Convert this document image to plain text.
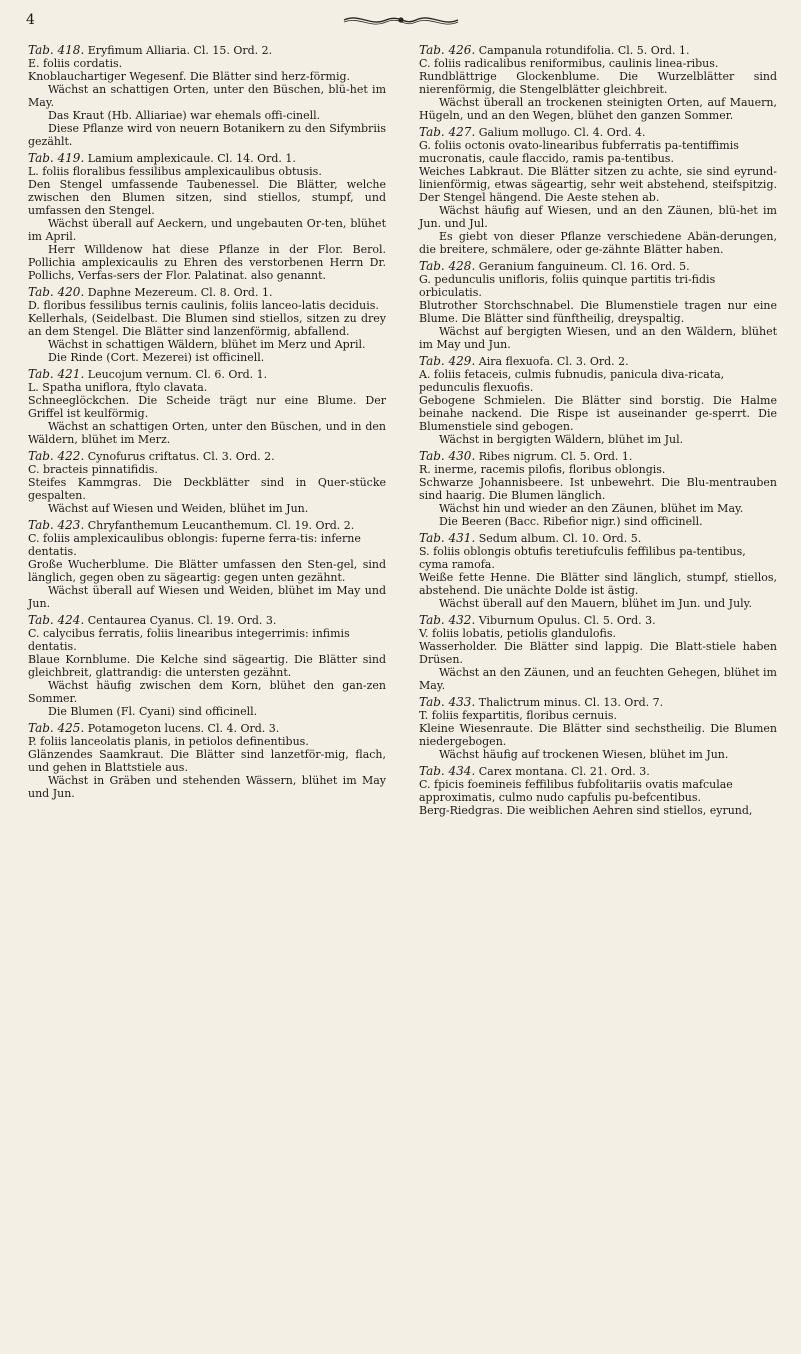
4

Tab. 418. Eryfimum Alliaria. Cl. 15. Ord. 2.

E. foliis cordatis.

Knoblauchartiger Wegesenf. Die Blätter sind herz-förmig.

Wächst an schattigen Orten, unter den Büschen, blü-het im May.

Das Kraut (Hb. Alliariae) war ehemals offi-cinell.

Diese Pflanze wird von neuern Botanikern zu den Sifymbriis gezählt.

Tab. 419. Lamium amplexicaule. Cl. 14. Ord. 1.

L. foliis floralibus fessilibus amplexicaulibus obtusis.

Den Stengel umfassende Taubenessel. Die Blätter, welche zwischen den Blumen sitzen, sind stiellos, stumpf, und umfassen den Stengel.

Wächst überall auf Aeckern, und ungebauten Or-ten, blühet im April.

Herr Willdenow hat diese Pflanze in der Flor. Berol. Pollichia amplexicaulis zu Ehren des verstorbenen Herrn Dr. Pollichs, Verfas-sers der Flor. Palatinat. also genannt.

Tab. 420. Daphne Mezereum. Cl. 8. Ord. 1.

D. floribus fessilibus ternis caulinis, foliis lanceo-latis deciduis.

Kellerhals, (Seidelbast. Die Blumen sind stiellos, sitzen zu drey an dem Stengel. Die Blätter sind lanzenförmig, abfallend.

Wächst in schattigen Wäldern, blühet im Merz und April.

Die Rinde (Cort. Mezerei) ist officinell.

Tab. 421. Leucojum vernum. Cl. 6. Ord. 1.

L. Spatha uniflora, ftylo clavata.

Schneeglöckchen. Die Scheide trägt nur eine Blume. Der Griffel ist keulförmig.

Wächst an schattigen Orten, unter den Büschen, und in den Wäldern, blühet im Merz.

Tab. 422. Cynofurus criftatus. Cl. 3. Ord. 2.

C. bracteis pinnatifidis.

Steifes Kammgras. Die Deckblätter sind in Quer-stücke gespalten.

Wächst auf Wiesen und Weiden, blühet im Jun.

Tab. 423. Chryfanthemum Leucanthemum. Cl. 19. Ord. 2.

C. foliis amplexicaulibus oblongis: fuperne ferra-tis: inferne dentatis.

Große Wucherblume. Die Blätter umfassen den Sten-gel, sind länglich, gegen oben zu sägeartig: gegen unten gezähnt.

Wächst überall auf Wiesen und Weiden, blühet im May und Jun.

Tab. 424. Centaurea Cyanus. Cl. 19. Ord. 3.

C. calycibus ferratis, foliis linearibus integerrimis: infimis dentatis.

Blaue Kornblume. Die Kelche sind sägeartig. Die Blätter sind gleichbreit, glattrandig: die untersten gezähnt.

Wächst häufig zwischen dem Korn, blühet den gan-zen Sommer.

Die Blumen (Fl. Cyani) sind officinell.

Tab. 425. Potamogeton lucens. Cl. 4. Ord. 3.

P. foliis lanceolatis planis, in petiolos definentibus.

Glänzendes Saamkraut. Die Blätter sind lanzetför-mig, flach, und gehen in Blattstiele aus.

Wächst in Gräben und stehenden Wässern, blühet im May und Jun.

Tab. 426. Campanula rotundifolia. Cl. 5. Ord. 1.

C. foliis radicalibus reniformibus, caulinis linea-ribus.

Rundblättrige Glockenblume. Die Wurzelblätter sind nierenförmig, die Stengelblätter gleichbreit.

Wächst überall an trockenen steinigten Orten, auf Mauern, Hügeln, und an den Wegen, blühet den ganzen Sommer.

Tab. 427. Galium mollugo. Cl. 4. Ord. 4.

G. foliis octonis ovato-linearibus fubferratis pa-tentiffimis mucronatis, caule flaccido, ramis pa-tentibus.

Weiches Labkraut. Die Blätter sitzen zu achte, sie sind eyrund-linienförmig, etwas sägeartig, sehr weit abstehend, steifspitzig. Der Stengel hängend. Die Aeste stehen ab.

Wächst häufig auf Wiesen, und an den Zäunen, blü-het im Jun. und Jul.

Es giebt von dieser Pflanze verschiedene Abän-derungen, die breitere, schmälere, oder ge-zähnte Blätter haben.

Tab. 428. Geranium fanguineum. Cl. 16. Ord. 5.

G. pedunculis unifloris, foliis quinque partitis tri-fidis orbiculatis.

Blutrother Storchschnabel. Die Blumenstiele tragen nur eine Blume. Die Blätter sind fünftheilig, dreyspaltig.

Wächst auf bergigten Wiesen, und an den Wäldern, blühet im May und Jun.

Tab. 429. Aira flexuofa. Cl. 3. Ord. 2.

A. foliis fetaceis, culmis fubnudis, panicula diva-ricata, pedunculis flexuofis.

Gebogene Schmielen. Die Blätter sind borstig. Die Halme beinahe nackend. Die Rispe ist auseinander ge-sperrt. Die Blumenstiele sind gebogen.

Wächst in bergigten Wäldern, blühet im Jul.

Tab. 430. Ribes nigrum. Cl. 5. Ord. 1.

R. inerme, racemis pilofis, floribus oblongis.

Schwarze Johannisbeere. Ist unbewehrt. Die Blu-mentrauben sind haarig. Die Blumen länglich.

Wächst hin und wieder an den Zäunen, blühet im May.

Die Beeren (Bacc. Ribefior nigr.) sind officinell.

Tab. 431. Sedum album. Cl. 10. Ord. 5.

S. foliis oblongis obtufis teretiufculis feffilibus pa-tentibus, cyma ramofa.

Weiße fette Henne. Die Blätter sind länglich, stumpf, stiellos, abstehend. Die unächte Dolde ist ästig.

Wächst überall auf den Mauern, blühet im Jun. und July.

Tab. 432. Viburnum Opulus. Cl. 5. Ord. 3.

V. foliis lobatis, petiolis glandulofis.

Wasserholder. Die Blätter sind lappig. Die Blatt-stiele haben Drüsen.

Wächst an den Zäunen, und an feuchten Gehegen, blühet im May.

Tab. 433. Thalictrum minus. Cl. 13. Ord. 7.

T. foliis fexpartitis, floribus cernuis.

Kleine Wiesenraute. Die Blätter sind sechstheilig. Die Blumen niedergebogen.

Wächst häufig auf trockenen Wiesen, blühet im Jun.

Tab. 434. Carex montana. Cl. 21. Ord. 3.

C. fpicis foemineis feffilibus fubfolitariis ovatis mafculae approximatis, culmo nudo capfulis pu-befcentibus.

Berg-Riedgras. Die weiblichen Aehren sind stiellos, eyrund,
